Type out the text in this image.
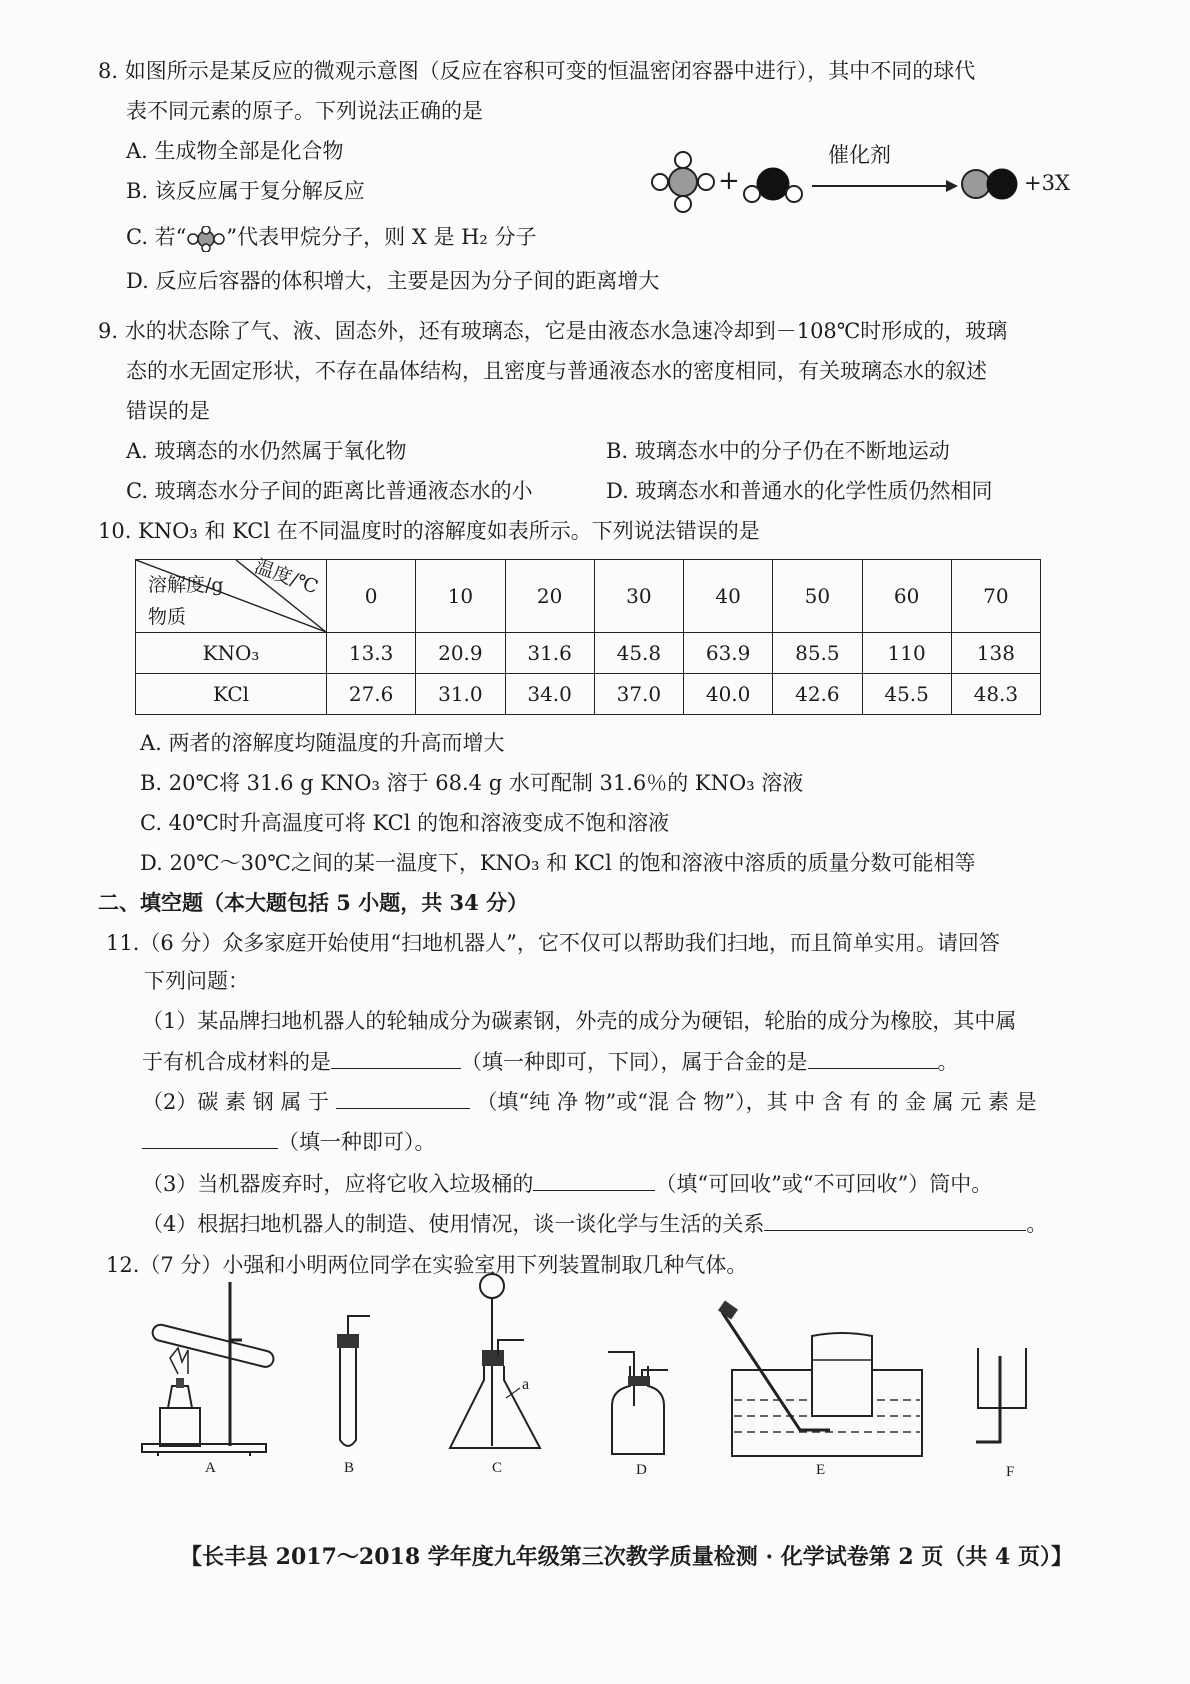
8. 如图所示是某反应的微观示意图（反应在容积可变的恒温密闭容器中进行），其中不同的球代
表不同元素的原子。下列说法正确的是
A. 生成物全部是化合物
B. 该反应属于复分解反应
C. 若“ ”代表甲烷分子，则 X 是 H₂ 分子
D. 反应后容器的体积增大，主要是因为分子间的距离增大
+
催化剂
+3X
9. 水的状态除了气、液、固态外，还有玻璃态，它是由液态水急速冷却到－108℃时形成的，玻璃
态的水无固定形状，不存在晶体结构，且密度与普通液态水的密度相同，有关玻璃态水的叙述
错误的是
A. 玻璃态的水仍然属于氧化物	B. 玻璃态水中的分子仍在不断地运动
C. 玻璃态水分子间的距离比普通液态水的小	D. 玻璃态水和普通水的化学性质仍然相同
10. KNO₃ 和 KCl 在不同温度时的溶解度如表所示。下列说法错误的是
溶解度/g
物质
温度/℃	0	10	20	30	40	50	60	70
KNO₃	13.3	20.9	31.6	45.8	63.9	85.5	110	138
KCl	27.6	31.0	34.0	37.0	40.0	42.6	45.5	48.3
A. 两者的溶解度均随温度的升高而增大
B. 20℃将 31.6 g KNO₃ 溶于 68.4 g 水可配制 31.6％的 KNO₃ 溶液
C. 40℃时升高温度可将 KCl 的饱和溶液变成不饱和溶液
D. 20℃～30℃之间的某一温度下，KNO₃ 和 KCl 的饱和溶液中溶质的质量分数可能相等
二、填空题（本大题包括 5 小题，共 34 分）
11.（6 分）众多家庭开始使用“扫地机器人”，它不仅可以帮助我们扫地，而且简单实用。请回答
下列问题：
（1）某品牌扫地机器人的轮轴成分为碳素钢，外壳的成分为硬铝，轮胎的成分为橡胶，其中属
于有机合成材料的是	（填一种即可，下同），属于合金的是	。
（2）碳 素 钢 属 于	（填“纯 净 物”或“混 合 物”），其 中 含 有 的 金 属 元 素 是
（填一种即可）。
（3）当机器废弃时，应将它收入垃圾桶的	（填“可回收”或“不可回收”）筒中。
（4）根据扫地机器人的制造、使用情况，谈一谈化学与生活的关系	。
12.（7 分）小强和小明两位同学在实验室用下列装置制取几种气体。
A	B
a
C	D	E	F
【长丰县 2017～2018 学年度九年级第三次教学质量检测 · 化学试卷第 2 页（共 4 页）】
